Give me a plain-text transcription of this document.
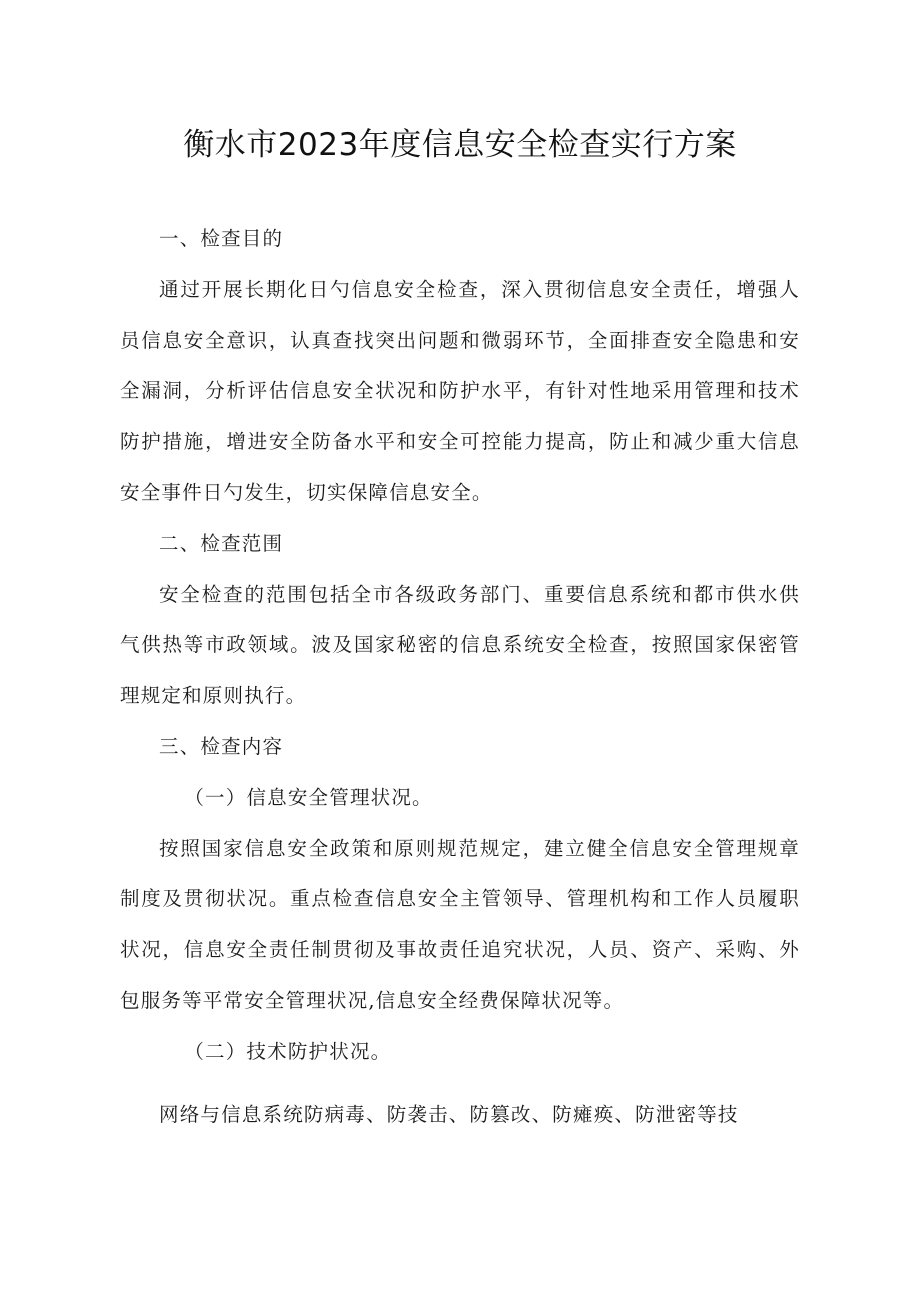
衡水市2023年度信息安全检查实行方案

一、检查目的

通过开展长期化日勺信息安全检查，深入贯彻信息安全责任，增强人员信息安全意识，认真查找突出问题和微弱环节，全面排查安全隐患和安全漏洞，分析评估信息安全状况和防护水平，有针对性地采用管理和技术防护措施，增进安全防备水平和安全可控能力提高，防止和减少重大信息安全事件日勺发生，切实保障信息安全。

二、检查范围

安全检查的范围包括全市各级政务部门、重要信息系统和都市供水供气供热等市政领域。波及国家秘密的信息系统安全检查，按照国家保密管理规定和原则执行。

三、检查内容

（一）信息安全管理状况。

按照国家信息安全政策和原则规范规定，建立健全信息安全管理规章制度及贯彻状况。重点检查信息安全主管领导、管理机构和工作人员履职状况，信息安全责任制贯彻及事故责任追究状况，人员、资产、采购、外包服务等平常安全管理状况,信息安全经费保障状况等。

（二）技术防护状况。

网络与信息系统防病毒、防袭击、防篡改、防瘫痪、防泄密等技
